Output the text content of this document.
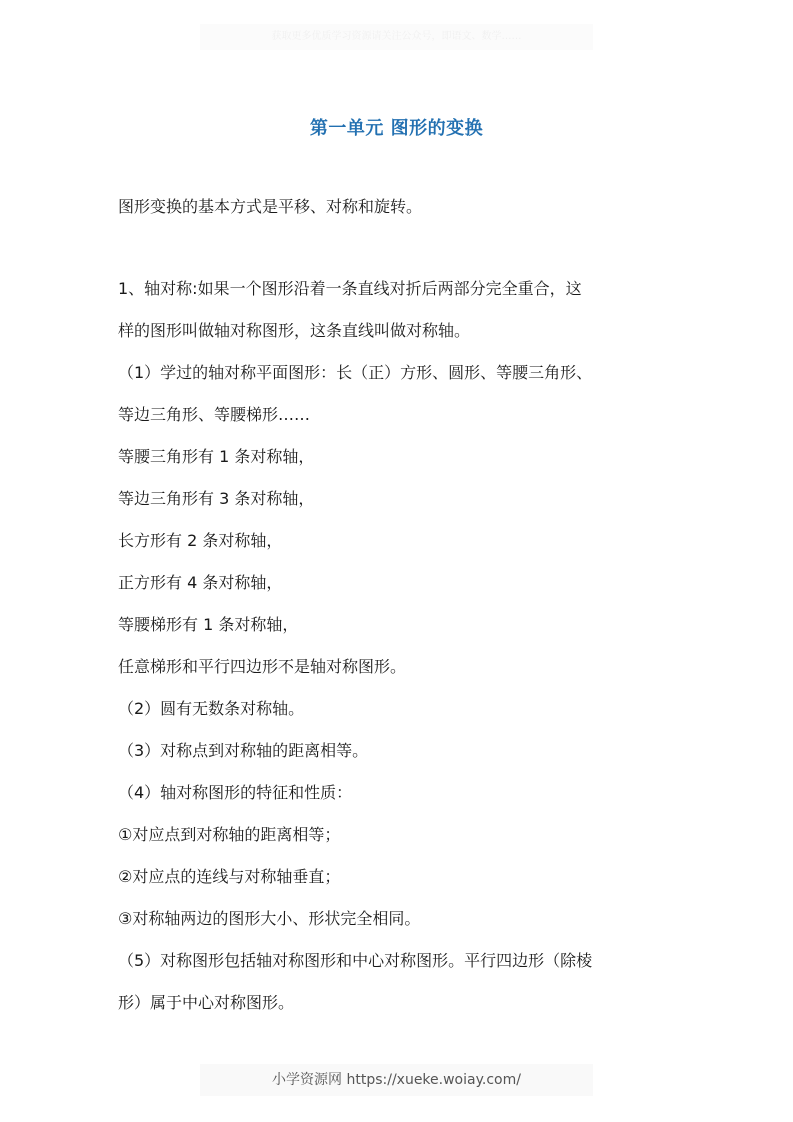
获取更多优质学习资源请关注公众号，即语文、数学……
第一单元 图形的变换

图形变换的基本方式是平移、对称和旋转。

1、轴对称:如果一个图形沿着一条直线对折后两部分完全重合，这

样的图形叫做轴对称图形，这条直线叫做对称轴。

（1）学过的轴对称平面图形：长（正）方形、圆形、等腰三角形、

等边三角形、等腰梯形……

等腰三角形有 1 条对称轴，

等边三角形有 3 条对称轴，

长方形有 2 条对称轴，

正方形有 4 条对称轴，

等腰梯形有 1 条对称轴，

任意梯形和平行四边形不是轴对称图形。

（2）圆有无数条对称轴。

（3）对称点到对称轴的距离相等。

（4）轴对称图形的特征和性质：

①对应点到对称轴的距离相等；

②对应点的连线与对称轴垂直；

③对称轴两边的图形大小、形状完全相同。

（5）对称图形包括轴对称图形和中心对称图形。平行四边形（除棱

形）属于中心对称图形。

小学资源网 https://xueke.woiay.com/
